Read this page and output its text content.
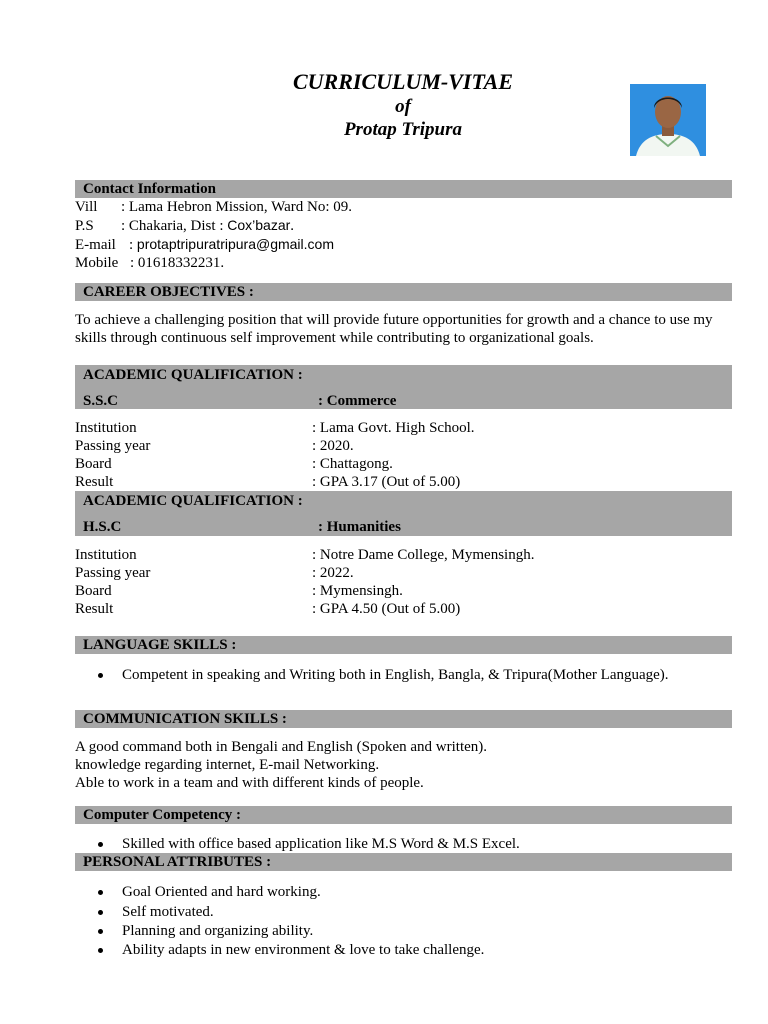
CURRICULUM-VITAE
of
Protap Tripura
Contact Information
Vill : Lama Hebron Mission, Ward No: 09.
P.S : Chakaria, Dist : Cox’bazar.
E-mail : protaptripuratripura@gmail.com
Mobile : 01618332231.
CAREER OBJECTIVES :
To achieve a challenging position that will provide future opportunities for growth and a chance to use my skills through continuous self improvement while contributing to organizational goals.
ACADEMIC QUALIFICATION :
S.S.C	: Commerce
Institution	: Lama Govt. High School.
Passing year	: 2020.
Board	: Chattagong.
Result	: GPA 3.17 (Out of 5.00)
ACADEMIC QUALIFICATION :
H.S.C	: Humanities
Institution	: Notre Dame College, Mymensingh.
Passing year	: 2022.
Board	: Mymensingh.
Result	: GPA 4.50 (Out of 5.00)
LANGUAGE SKILLS :
Competent in speaking and Writing both in English, Bangla, & Tripura(Mother Language).
COMMUNICATION SKILLS :
A good command both in Bengali and English (Spoken and written).
knowledge regarding internet, E-mail Networking.
Able to work in a team and with different kinds of people.
Computer Competency :
Skilled with office based application like M.S Word & M.S Excel.
PERSONAL ATTRIBUTES :
Goal Oriented and hard working.
Self motivated.
Planning and organizing ability.
Ability adapts in new environment & love to take challenge.
